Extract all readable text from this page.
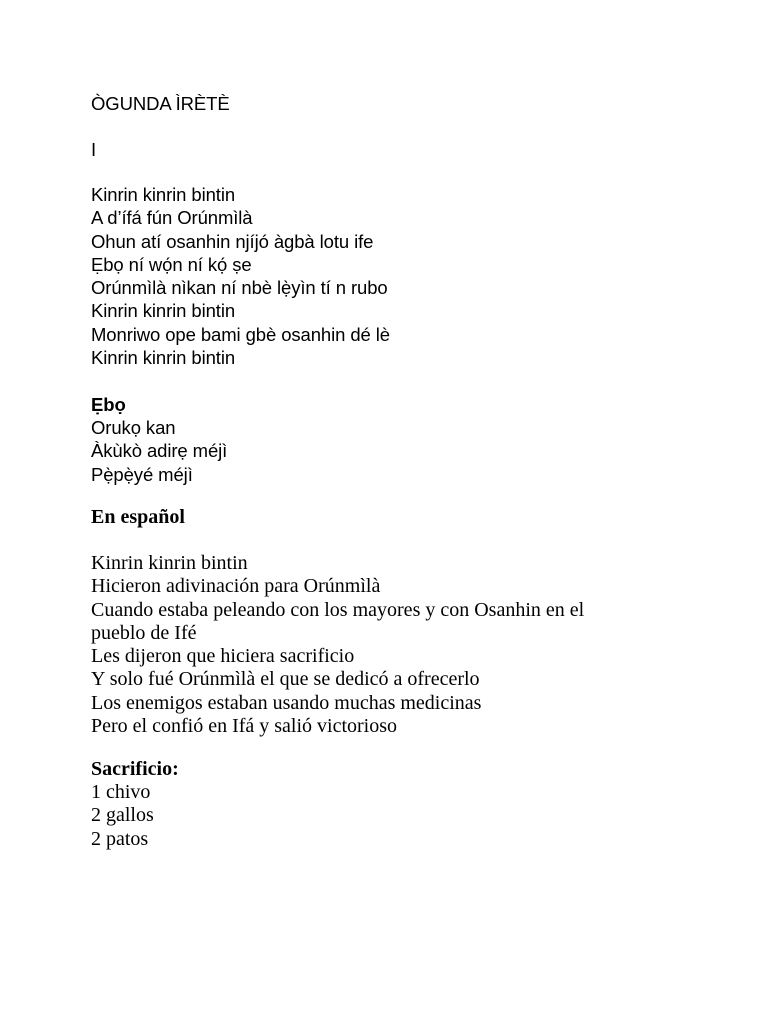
ÒGUNDA ÌRÈTÈ
I
Kinrin kinrin bintin
A d’ífá fún Orúnmìlà
Ohun atí osanhin njíjó àgbà lotu ife
Ẹbọ ní wọ́n ní kọ́ ṣe
Orúnmìlà nìkan ní nbè lẹ̀yìn tí n rubo
Kinrin kinrin bintin
Monriwo ope bami gbè osanhin dé lè
Kinrin kinrin bintin
Ẹbọ
Orukọ kan
Àkùkò adirẹ méjì
Pẹ̀pẹ̀yé méjì
En español
Kinrin kinrin bintin
Hicieron adivinación para Orúnmìlà
Cuando estaba peleando con los mayores y con Osanhin en el
pueblo de Ifé
Les dijeron que hiciera sacrificio
Y solo fué Orúnmìlà el que se dedicó a ofrecerlo
Los enemigos estaban usando muchas medicinas
Pero el confió en Ifá y salió victorioso
Sacrificio:
1 chivo
2 gallos
2 patos
